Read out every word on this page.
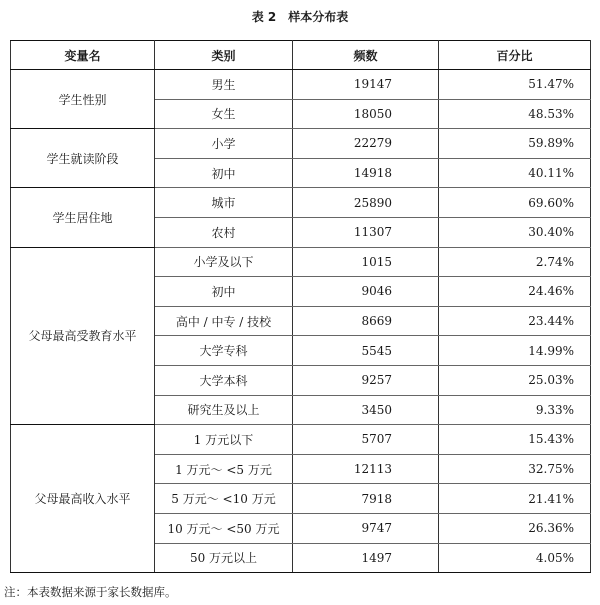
表 2 样本分布表
变量名	类别	频数	百分比
学生性别	男生	19147	51.47%
	女生	18050	48.53%
学生就读阶段	小学	22279	59.89%
	初中	14918	40.11%
学生居住地	城市	25890	69.60%
	农村	11307	30.40%
父母最高受教育水平	小学及以下	1015	2.74%
	初中	9046	24.46%
	高中 / 中专 / 技校	8669	23.44%
	大学专科	5545	14.99%
	大学本科	9257	25.03%
	研究生及以上	3450	9.33%
父母最高收入水平	1 万元以下	5707	15.43%
	1 万元～ <5 万元	12113	32.75%
	5 万元～ <10 万元	7918	21.41%
	10 万元～ <50 万元	9747	26.36%
	50 万元以上	1497	4.05%
注：本表数据来源于家长数据库。
